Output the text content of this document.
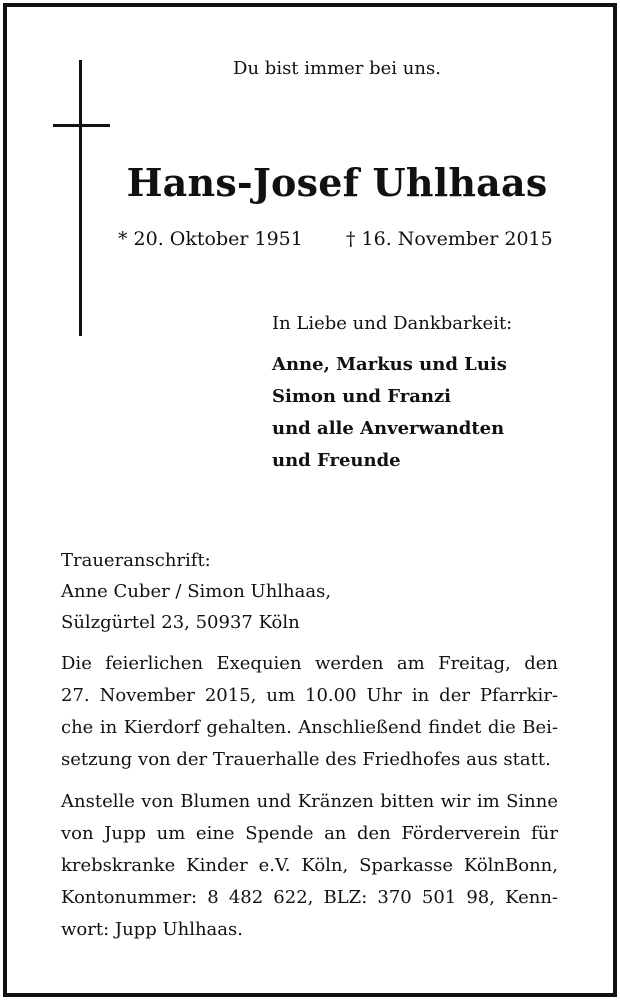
Du bist immer bei uns.
Hans-Josef Uhlhaas
* 20. Oktober 1951 † 16. November 2015
In Liebe und Dankbarkeit:
Anne, Markus und Luis
Simon und Franzi
und alle Anverwandten
und Freunde
Traueranschrift:
Anne Cuber / Simon Uhlhaas,
Sülzgürtel 23, 50937 Köln
Die feierlichen Exequien werden am Freitag, den
27. November 2015, um 10.00 Uhr in der Pfarrkir-
che in Kierdorf gehalten. Anschließend findet die Bei-
setzung von der Trauerhalle des Friedhofes aus statt.
Anstelle von Blumen und Kränzen bitten wir im Sinne
von Jupp um eine Spende an den Förderverein für
krebskranke Kinder e.V. Köln, Sparkasse KölnBonn,
Kontonummer: 8 482 622, BLZ: 370 501 98, Kenn-
wort: Jupp Uhlhaas.
